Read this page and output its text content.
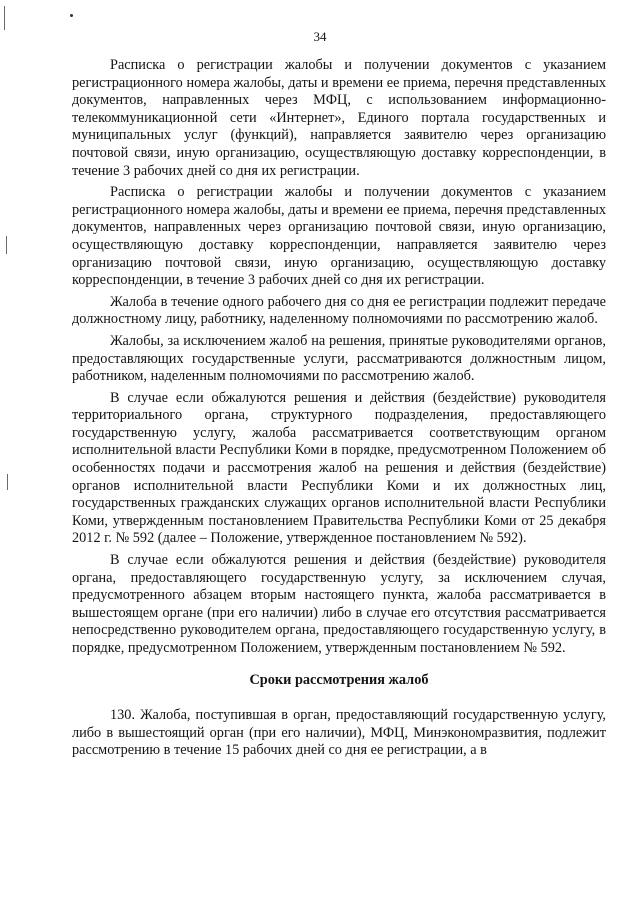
34

Расписка о регистрации жалобы и получении документов с указанием регистрационного номера жалобы, даты и времени ее приема, перечня представленных документов, направленных через МФЦ, с использованием информационно-телекоммуникационной сети «Интернет», Единого портала государственных и муниципальных услуг (функций), направляется заявителю через организацию почтовой связи, иную организацию, осуществляющую доставку корреспонденции, в течение 3 рабочих дней со дня их регистрации.

Расписка о регистрации жалобы и получении документов с указанием регистрационного номера жалобы, даты и времени ее приема, перечня представленных документов, направленных через организацию почтовой связи, иную организацию, осуществляющую доставку корреспонденции, направляется заявителю через организацию почтовой связи, иную организацию, осуществляющую доставку корреспонденции, в течение 3 рабочих дней со дня их регистрации.

Жалоба в течение одного рабочего дня со дня ее регистрации подлежит передаче должностному лицу, работнику, наделенному полномочиями по рассмотрению жалоб.

Жалобы, за исключением жалоб на решения, принятые руководителями органов, предоставляющих государственные услуги, рассматриваются должностным лицом, работником, наделенным полномочиями по рассмотрению жалоб.

В случае если обжалуются решения и действия (бездействие) руководителя территориального органа, структурного подразделения, предоставляющего государственную услугу, жалоба рассматривается соответствующим органом исполнительной власти Республики Коми в порядке, предусмотренном Положением об особенностях подачи и рассмотрения жалоб на решения и действия (бездействие) органов исполнительной власти Республики Коми и их должностных лиц, государственных гражданских служащих органов исполнительной власти Республики Коми, утвержденным постановлением Правительства Республики Коми от 25 декабря 2012 г. № 592 (далее – Положение, утвержденное постановлением № 592).

В случае если обжалуются решения и действия (бездействие) руководителя органа, предоставляющего государственную услугу, за исключением случая, предусмотренного абзацем вторым настоящего пункта, жалоба рассматривается в вышестоящем органе (при его наличии) либо в случае его отсутствия рассматривается непосредственно руководителем органа, предоставляющего государственную услугу, в порядке, предусмотренном Положением, утвержденным постановлением № 592.

Сроки рассмотрения жалоб

130. Жалоба, поступившая в орган, предоставляющий государственную услугу, либо в вышестоящий орган (при его наличии), МФЦ, Минэкономразвития, подлежит рассмотрению в течение 15 рабочих дней со дня ее регистрации, а в
